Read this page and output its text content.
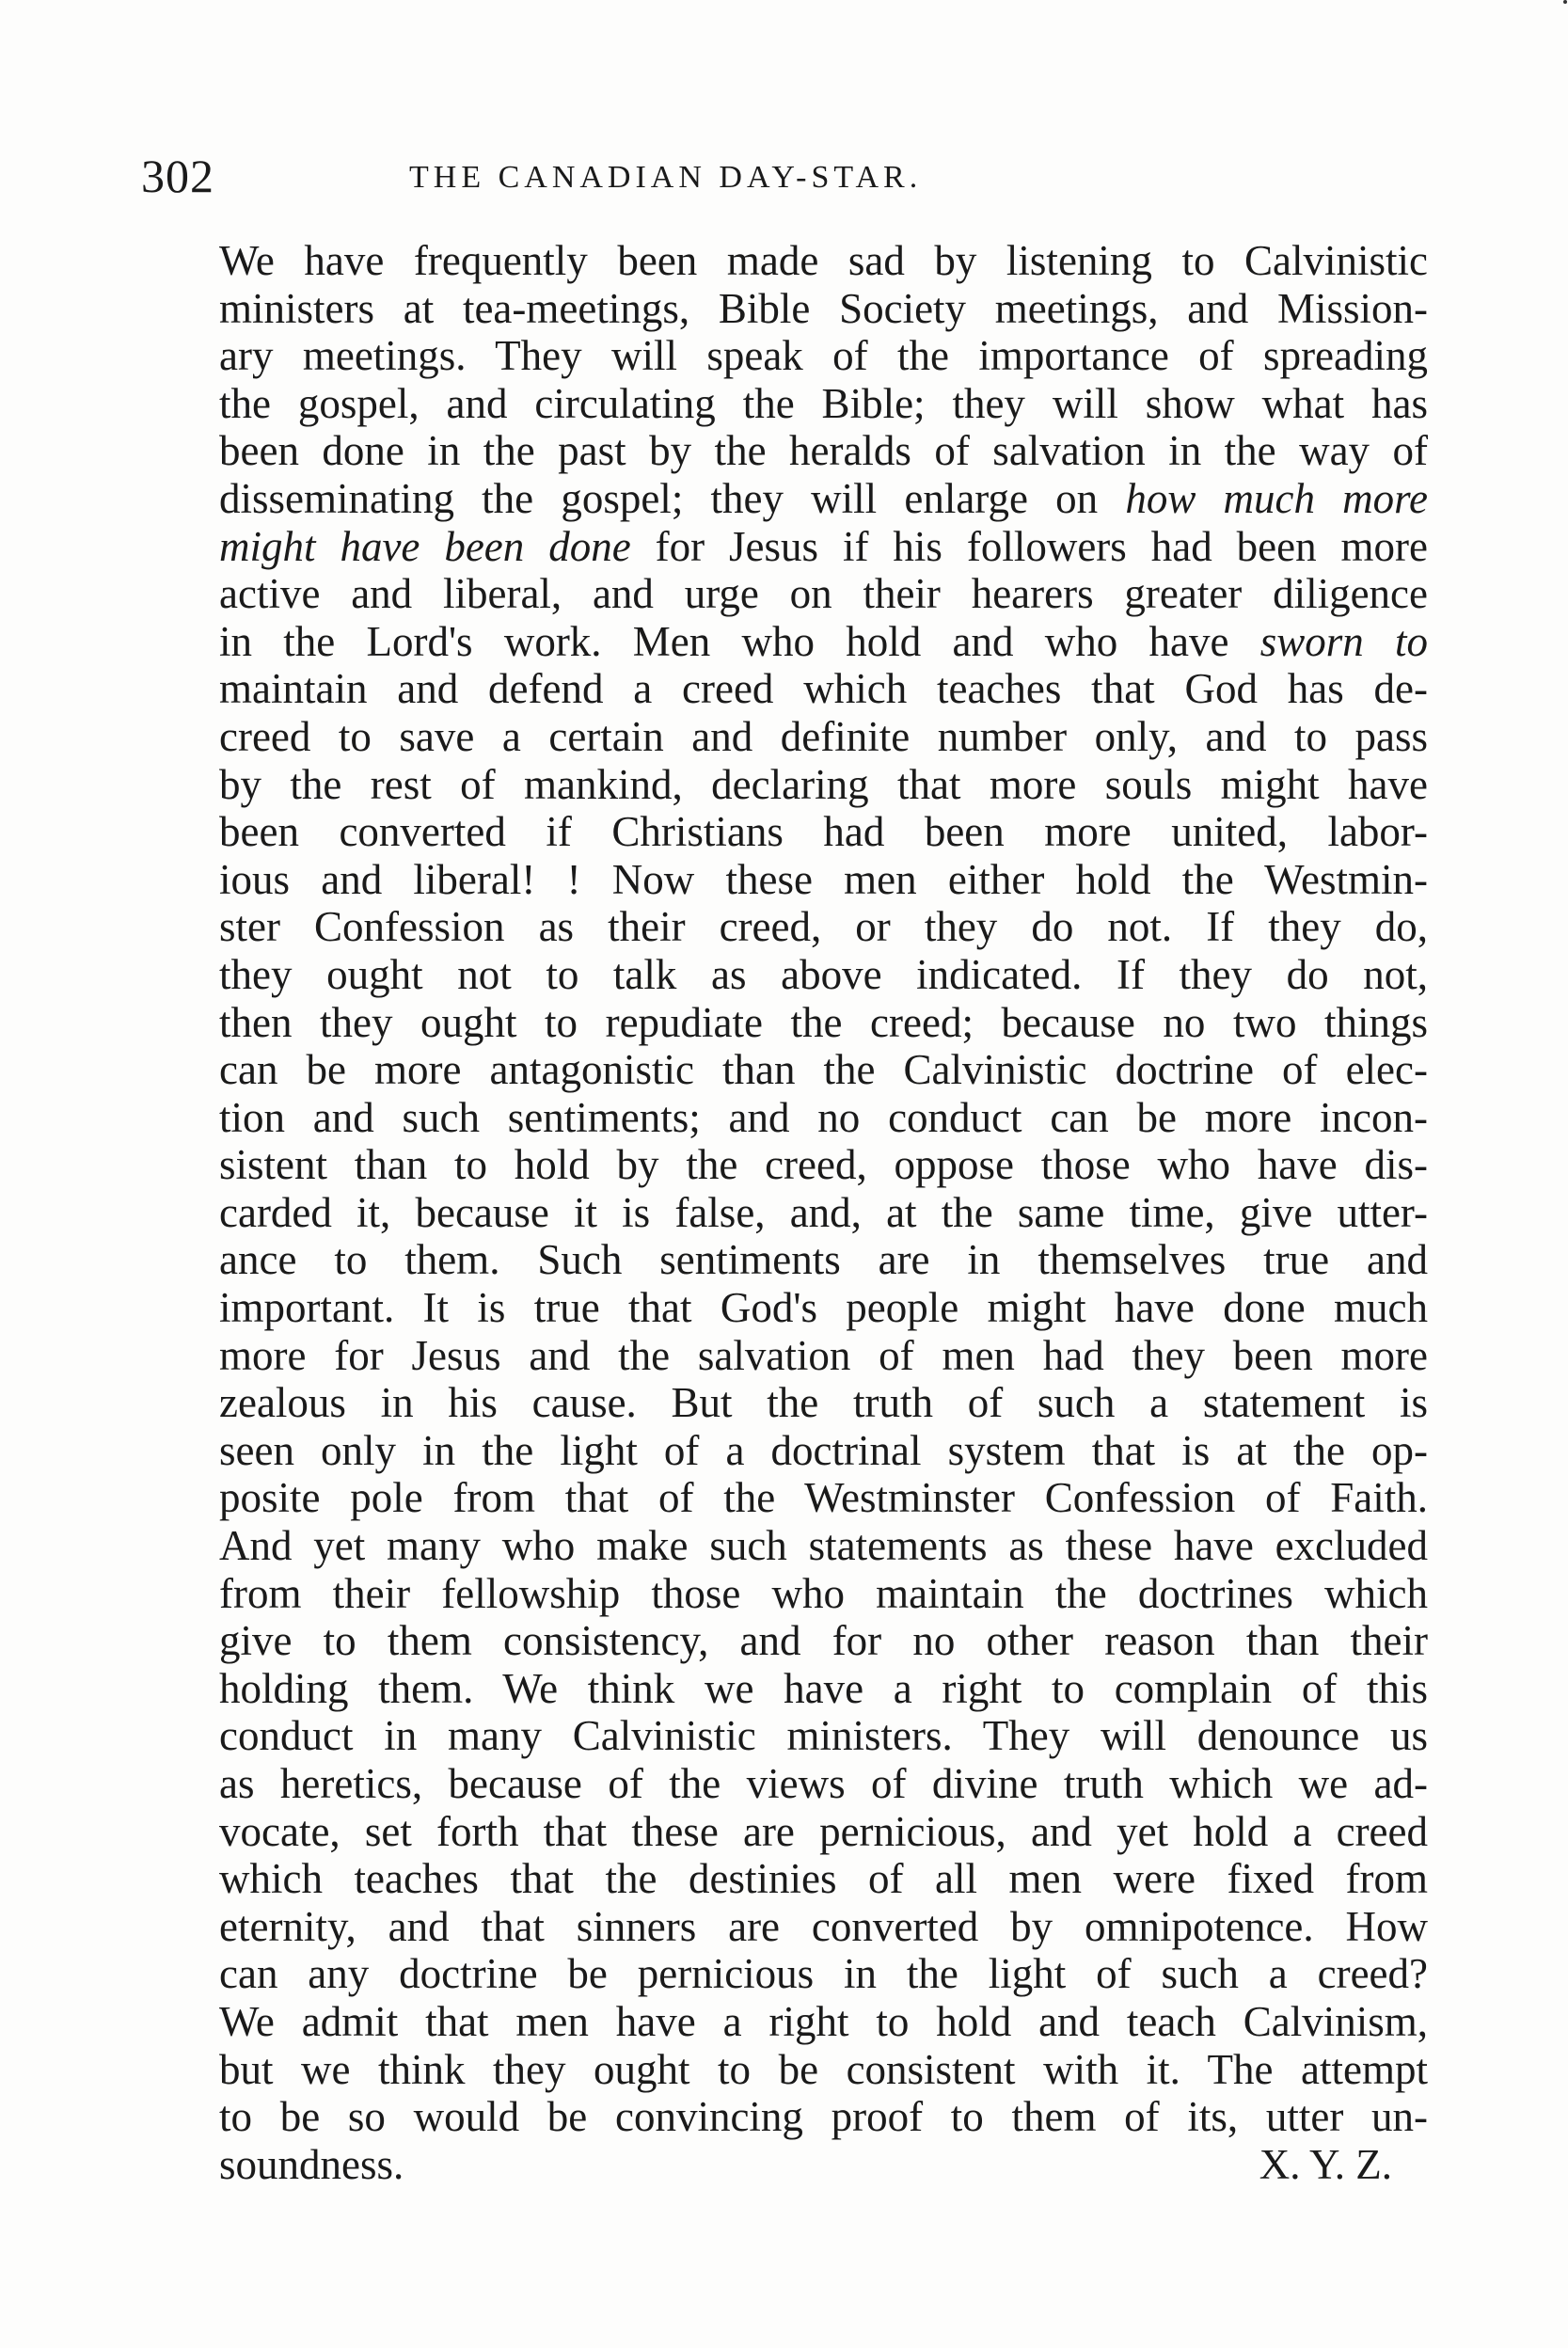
302	THE CANADIAN DAY-STAR.
We have frequently been made sad by listening to Calvinistic
ministers at tea-meetings, Bible Society meetings, and Mission-
ary meetings. They will speak of the importance of spreading
the gospel, and circulating the Bible; they will show what has
been done in the past by the heralds of salvation in the way of
disseminating the gospel; they will enlarge on how much more
might have been done for Jesus if his followers had been more
active and liberal, and urge on their hearers greater diligence
in the Lord's work. Men who hold and who have sworn to
maintain and defend a creed which teaches that God has de-
creed to save a certain and definite number only, and to pass
by the rest of mankind, declaring that more souls might have
been converted if Christians had been more united, labor-
ious and liberal! ! Now these men either hold the Westmin-
ster Confession as their creed, or they do not. If they do,
they ought not to talk as above indicated. If they do not,
then they ought to repudiate the creed; because no two things
can be more antagonistic than the Calvinistic doctrine of elec-
tion and such sentiments; and no conduct can be more incon-
sistent than to hold by the creed, oppose those who have dis-
carded it, because it is false, and, at the same time, give utter-
ance to them. Such sentiments are in themselves true and
important. It is true that God's people might have done much
more for Jesus and the salvation of men had they been more
zealous in his cause. But the truth of such a statement is
seen only in the light of a doctrinal system that is at the op-
posite pole from that of the Westminster Confession of Faith.
And yet many who make such statements as these have excluded
from their fellowship those who maintain the doctrines which
give to them consistency, and for no other reason than their
holding them. We think we have a right to complain of this
conduct in many Calvinistic ministers. They will denounce us
as heretics, because of the views of divine truth which we ad-
vocate, set forth that these are pernicious, and yet hold a creed
which teaches that the destinies of all men were fixed from
eternity, and that sinners are converted by omnipotence. How
can any doctrine be pernicious in the light of such a creed?
We admit that men have a right to hold and teach Calvinism,
but we think they ought to be consistent with it. The attempt
to be so would be convincing proof to them of its, utter un-
soundness.	X. Y. Z.
